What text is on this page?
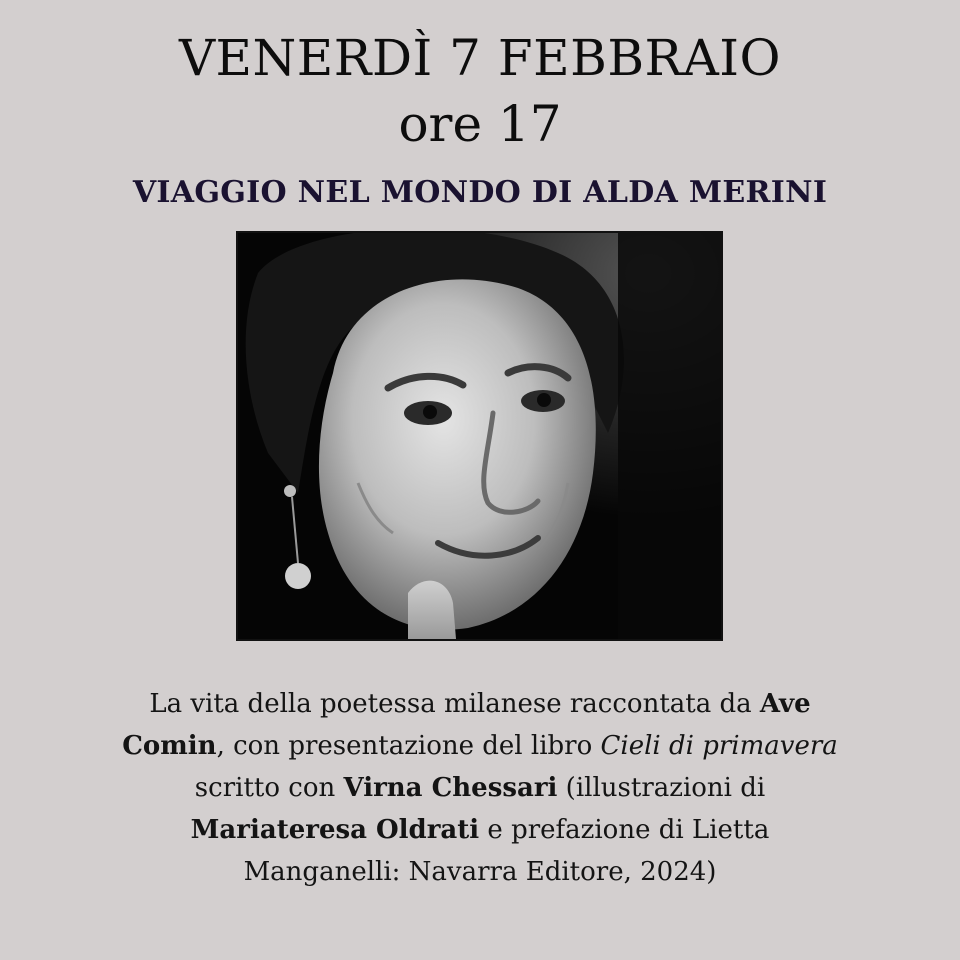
VENERDÌ 7 FEBBRAIO
ore 17
VIAGGIO NEL MONDO DI ALDA MERINI
La vita della poetessa milanese raccontata da Ave Comin, con presentazione del libro Cieli di primavera scritto con Virna Chessari (illustrazioni di Mariateresa Oldrati e prefazione di Lietta Manganelli: Navarra Editore, 2024)
